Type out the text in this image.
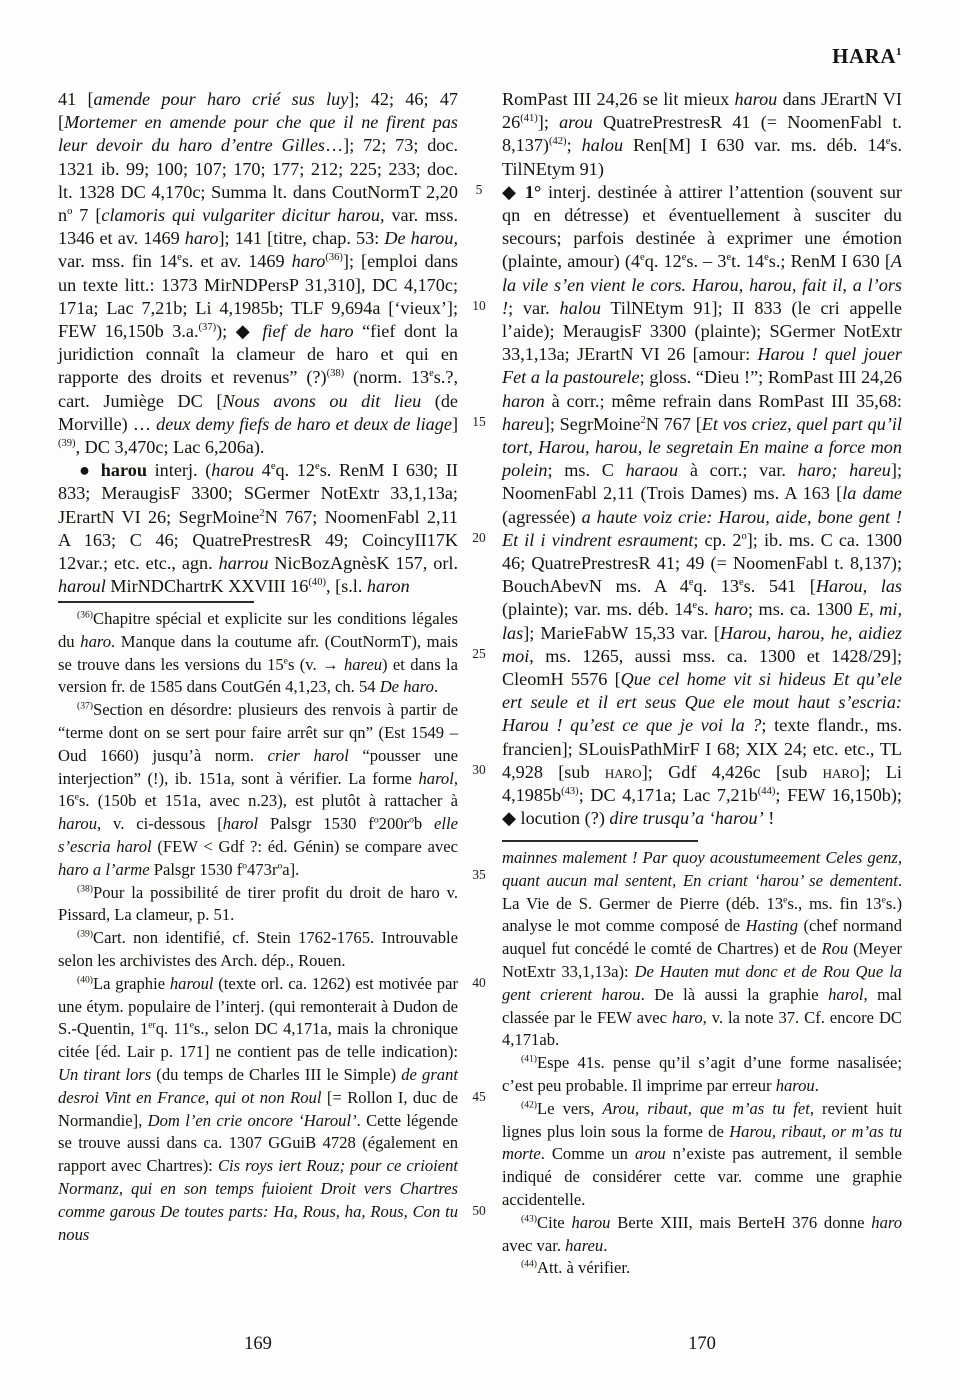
HARA$^1$

41 [amende pour haro crié sus luy]; 42; 46; 47 [Mortemer en amende pour che que il ne firent pas leur devoir du haro d’entre Gilles…]; 72; 73; doc. 1321 ib. 99; 100; 107; 170; 177; 212; 225; 233; doc. lt. 1328 DC 4,170c; Summa lt. dans CoutNormT 2,20 $n^o$ 7 [clamoris qui vulgariter dicitur harou, var. mss. 1346 et av. 1469 haro]; 141 [titre, chap. 53: De harou, var. mss. fin 14es. et av. 1469 haro$^{(36)}$]; [emploi dans un texte litt.: 1373 MirNDPersP 31,310], DC 4,170c; 171a; Lac 7,21b; Li 4,1985b; TLF 9,694a [‘vieux’]; FEW 16,150b 3.a.$^{(37)}$); ◆ fief de haro “fief dont la juridiction connaît la clameur de haro et qui en rapporte des droits et revenus” (?)$^{(38)}$ (norm. 13es.?, cart. Jumiège DC [Nous avons ou dit lieu (de Morville) … deux demy fiefs de haro et deux de liage]$^{(39)}$, DC 3,470c; Lac 6,206a).

● harou interj. (harou 4eq. 12es. RenM I 630; II 833; MeraugisF 3300; SGermer NotExtr 33,1,13a; JErartN VI 26; SegrMoine$^2$N 767; NoomenFabl 2,11 A 163; C 46; QuatrePrestresR 49; CoincyII17K 12var.; etc. etc., agn. harrou NicBozAgnèsK 157, orl. haroul MirNDChartrK XXVIII 16$^{(40)}$, [s.l. haron

$^{(36)}$Chapitre spécial et explicite sur les conditions légales du haro. Manque dans la coutume afr. (CoutNormT), mais se trouve dans les versions du 15es (v. → hareu) et dans la version fr. de 1585 dans CoutGén 4,1,23, ch. 54 De haro.

$^{(37)}$Section en désordre: plusieurs des renvois à partir de “terme dont on se sert pour faire arrêt sur qn” (Est 1549 – Oud 1660) jusqu’à norm. crier harol “pousser une interjection” (!), ib. 151a, sont à vérifier. La forme harol, 16es. (150b et 151a, avec n.23), est plutôt à rattacher à harou, v. ci-dessous [harol Palsgr 1530 $f^o200r^ob$ elle s’escria harol (FEW < Gdf ?: éd. Génin) se compare avec haro a l’arme Palsgr 1530 $f^o473r^oa$].

$^{(38)}$Pour la possibilité de tirer profit du droit de haro v. Pissard, La clameur, p. 51.

$^{(39)}$Cart. non identifié, cf. Stein 1762-1765. Introuvable selon les archivistes des Arch. dép., Rouen.

$^{(40)}$La graphie haroul (texte orl. ca. 1262) est motivée par une étym. populaire de l’interj. (qui remonterait à Dudon de S.-Quentin, 1erq. 11es., selon DC 4,171a, mais la chronique citée [éd. Lair p. 171] ne contient pas de telle indication): Un tirant lors (du temps de Charles III le Simple) de grant desroi Vint en France, qui ot non Roul [= Rollon I, duc de Normandie], Dom l’en crie oncore ‘Haroul’. Cette légende se trouve aussi dans ca. 1307 GGuiB 4728 (également en rapport avec Chartres): Cis roys iert Rouz; pour ce crioient Normanz, qui en son temps fuioient Droit vers Chartres comme garous De toutes parts: Ha, Rous, ha, Rous, Con tu nous

RomPast III 24,26 se lit mieux harou dans JErartN VI 26$^{(41)}$]; arou QuatrePrestresR 41 (= NoomenFabl t. 8,137)$^{(42)}$; halou Ren[M] I 630 var. ms. déb. 14es. TilNEtym 91)

◆ 1° interj. destinée à attirer l’attention (souvent sur qn en détresse) et éventuellement à susciter du secours; parfois destinée à exprimer une émotion (plainte, amour) (4eq. 12es. – 3et. 14es.; RenM I 630 [A la vile s’en vient le cors. Harou, harou, fait il, a l’ors !; var. halou TilNEtym 91]; II 833 (le cri appelle l’aide); MeraugisF 3300 (plainte); SGermer NotExtr 33,1,13a; JErartN VI 26 [amour: Harou ! quel jouer Fet a la pastourele; gloss. “Dieu !”; RomPast III 24,26 haron à corr.; même refrain dans RomPast III 35,68: hareu]; SegrMoine$^2$N 767 [Et vos criez, quel part qu’il tort, Harou, harou, le segretain En maine a force mon polein; ms. C haraou à corr.; var. haro; hareu]; NoomenFabl 2,11 (Trois Dames) ms. A 163 [la dame (agressée) a haute voiz crie: Harou, aide, bone gent ! Et il i vindrent esraument; cp. 2$^o$]; ib. ms. C ca. 1300 46; QuatrePrestresR 41; 49 (= NoomenFabl t. 8,137); BouchAbevN ms. A 4eq. 13es. 541 [Harou, las (plainte); var. ms. déb. 14es. haro; ms. ca. 1300 E, mi, las]; MarieFabW 15,33 var. [Harou, harou, he, aidiez moi, ms. 1265, aussi mss. ca. 1300 et 1428/29]; CleomH 5576 [Que cel home vit si hideus Et qu’ele ert seule et il ert seus Que ele mout haut s’escria: Harou ! qu’est ce que je voi la ?; texte flandr., ms. francien]; SLouisPathMirF I 68; XIX 24; etc. etc., TL 4,928 [sub haro]; Gdf 4,426c [sub haro]; Li $4,1985b^{(43)}$; DC 4,171a; Lac $7,21b^{(44)}$; FEW 16,150b); ◆ locution (?) dire trusqu’a ‘harou’ !

mainnes malement ! Par quoy acoustumeement Celes genz, quant aucun mal sentent, En criant ‘harou’ se dementent. La Vie de S. Germer de Pierre (déb. 13es., ms. fin 13es.) analyse le mot comme composé de Hasting (chef normand auquel fut concédé le comté de Chartres) et de Rou (Meyer NotExtr 33,1,13a): De Hauten mut donc et de Rou Que la gent crierent harou. De là aussi la graphie harol, mal classée par le FEW avec haro, v. la note 37. Cf. encore DC 4,171ab.

$^{(41)}$Espe 41s. pense qu’il s’agit d’une forme nasalisée; c’est peu probable. Il imprime par erreur harou.

$^{(42)}$Le vers, Arou, ribaut, que m’as tu fet, revient huit lignes plus loin sous la forme de Harou, ribaut, or m’as tu morte. Comme un arou n’existe pas autrement, il semble indiqué de considérer cette var. comme une graphie accidentelle.

$^{(43)}$Cite harou Berte XIII, mais BerteH 376 donne haro avec var. hareu.

$^{(44)}$Att. à vérifier.

5
10
15
20
25
30
35
40
45
50
169	170
